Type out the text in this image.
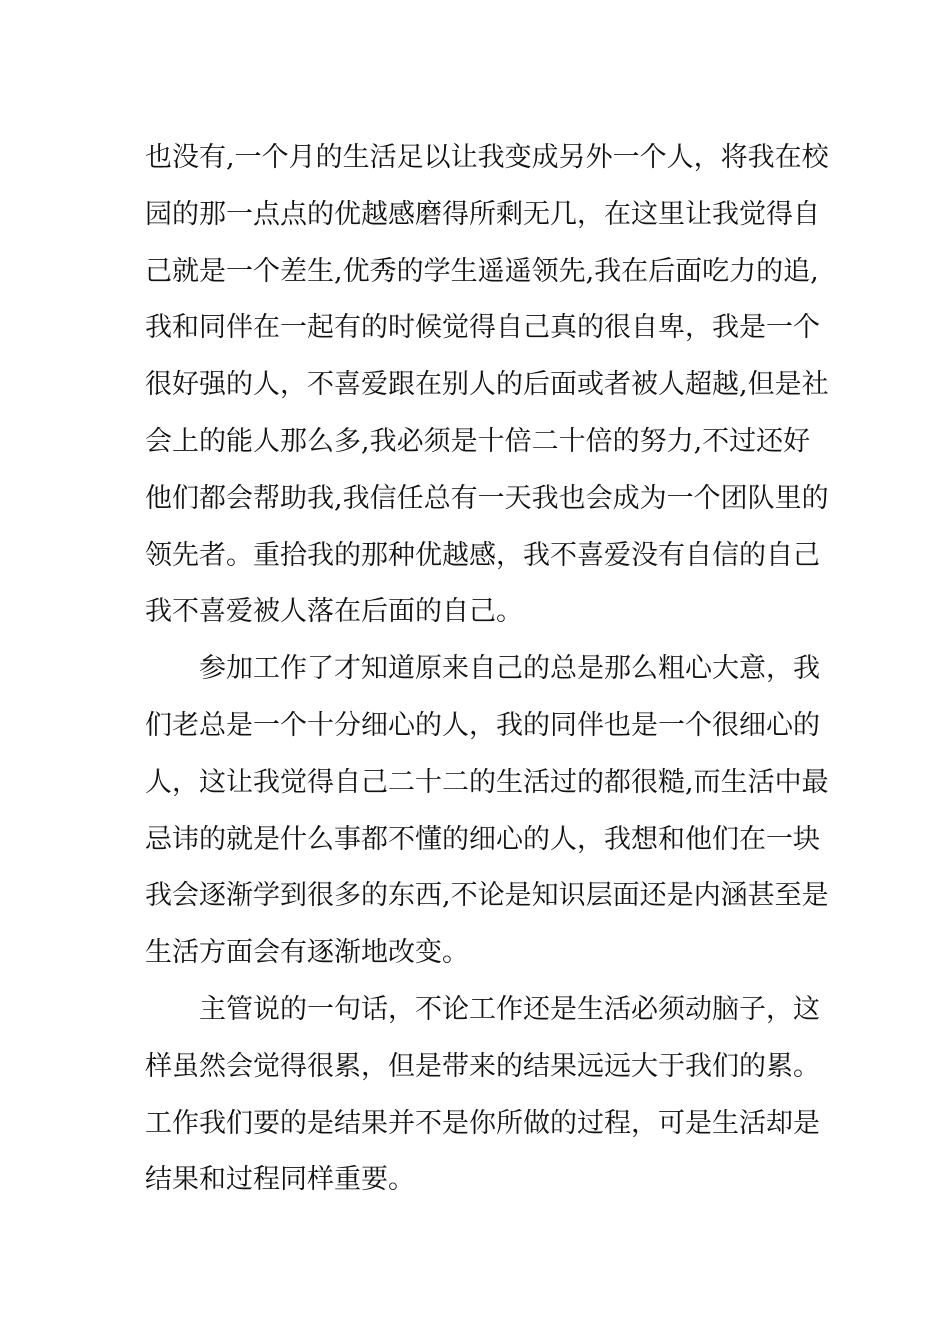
也没有,一个月的生活足以让我变成另外一个人，将我在校
园的那一点点的优越感磨得所剩无几，在这里让我觉得自
己就是一个差生,优秀的学生遥遥领先,我在后面吃力的追,
我和同伴在一起有的时候觉得自己真的很自卑，我是一个
很好强的人，不喜爱跟在别人的后面或者被人超越,但是社
会上的能人那么多,我必须是十倍二十倍的努力,不过还好
他们都会帮助我,我信任总有一天我也会成为一个团队里的
领先者。重拾我的那种优越感，我不喜爱没有自信的自己
我不喜爱被人落在后面的自己。
参加工作了才知道原来自己的总是那么粗心大意，我
们老总是一个十分细心的人，我的同伴也是一个很细心的
人，这让我觉得自己二十二的生活过的都很糙,而生活中最
忌讳的就是什么事都不懂的细心的人，我想和他们在一块
我会逐渐学到很多的东西,不论是知识层面还是内涵甚至是
生活方面会有逐渐地改变。
主管说的一句话，不论工作还是生活必须动脑子，这
样虽然会觉得很累，但是带来的结果远远大于我们的累。
工作我们要的是结果并不是你所做的过程，可是生活却是
结果和过程同样重要。
